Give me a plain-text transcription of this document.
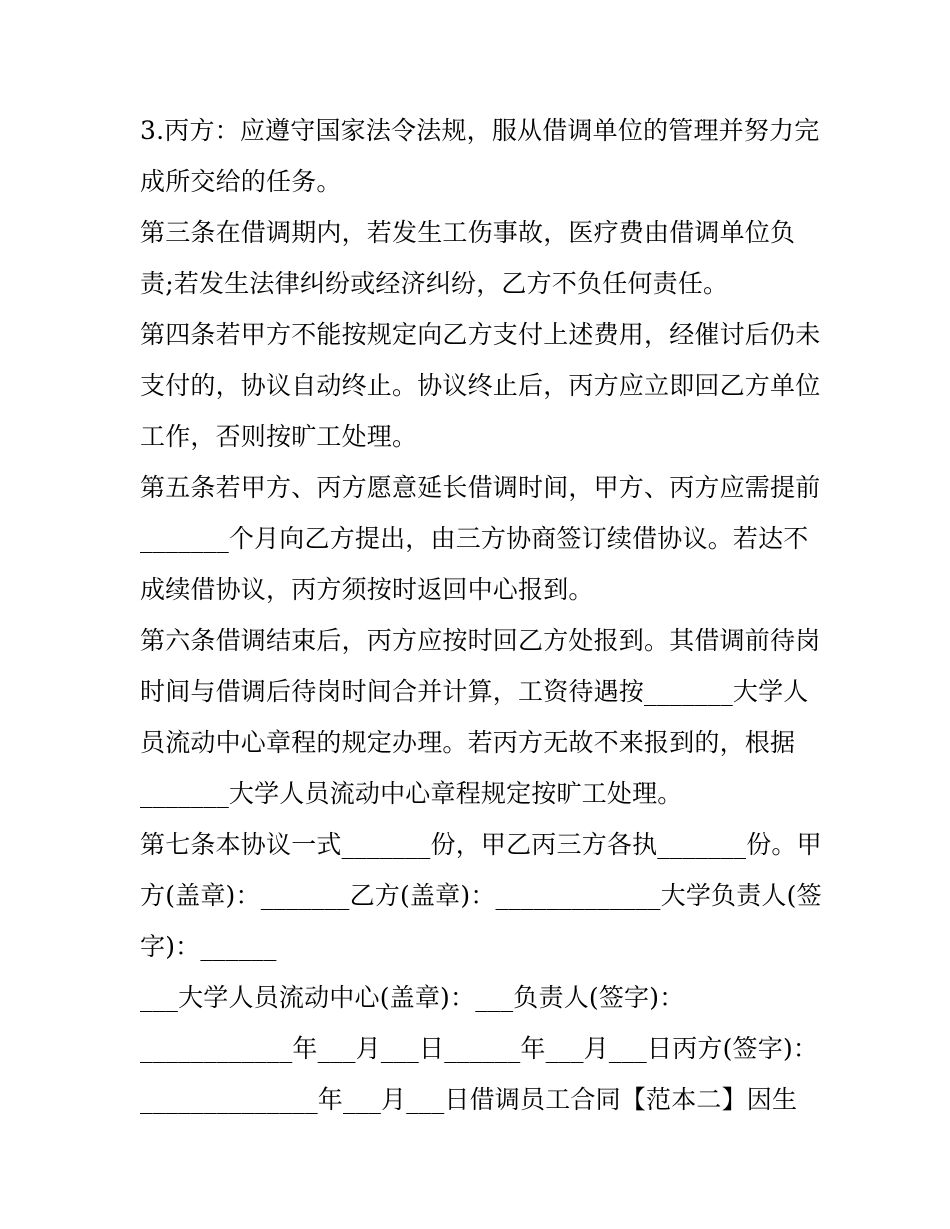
3.丙方：应遵守国家法令法规，服从借调单位的管理并努力完
成所交给的任务。
第三条在借调期内，若发生工伤事故，医疗费由借调单位负
责;若发生法律纠纷或经济纠纷，乙方不负任何责任。
第四条若甲方不能按规定向乙方支付上述费用，经催讨后仍未
支付的，协议自动终止。协议终止后，丙方应立即回乙方单位
工作，否则按旷工处理。
第五条若甲方、丙方愿意延长借调时间，甲方、丙方应需提前
_______个月向乙方提出，由三方协商签订续借协议。若达不
成续借协议，丙方须按时返回中心报到。
第六条借调结束后，丙方应按时回乙方处报到。其借调前待岗
时间与借调后待岗时间合并计算，工资待遇按_______大学人
员流动中心章程的规定办理。若丙方无故不来报到的，根据
_______大学人员流动中心章程规定按旷工处理。
第七条本协议一式_______份，甲乙丙三方各执_______份。甲
方(盖章)：_______乙方(盖章)：_____________大学负责人(签
字)：______
___大学人员流动中心(盖章)：___负责人(签字)：
____________年___月___日______年___月___日丙方(签字)：
______________年___月___日借调员工合同【范本二】因生
